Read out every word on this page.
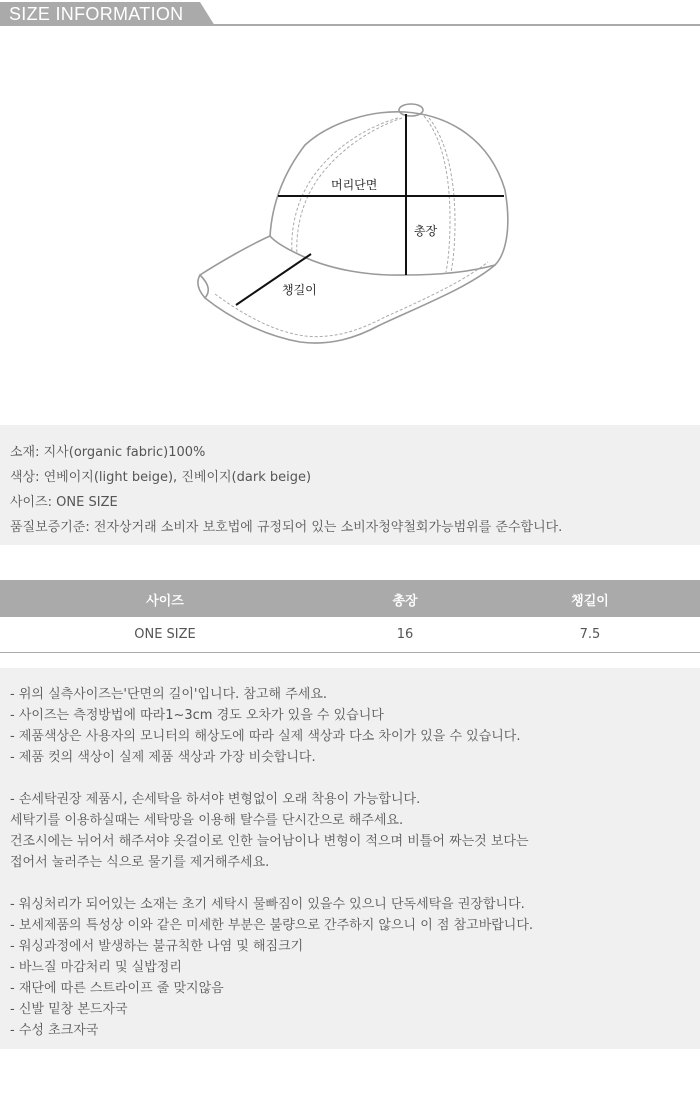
SIZE INFORMATION
머리단면
총장
챙길이
소재: 지사(organic fabric)100%
색상: 연베이지(light beige), 진베이지(dark beige)
사이즈: ONE SIZE
품질보증기준: 전자상거래 소비자 보호법에 규정되어 있는 소비자청약철회가능범위를 준수합니다.
사이즈	총장	챙길이
ONE SIZE	16	7.5
- 위의 실측사이즈는'단면의 길이'입니다. 참고해 주세요.
- 사이즈는 측정방법에 따라1~3cm 경도 오차가 있을 수 있습니다
- 제품색상은 사용자의 모니터의 해상도에 따라 실제 색상과 다소 차이가 있을 수 있습니다.
- 제품 컷의 색상이 실제 제품 색상과 가장 비슷합니다.
- 손세탁권장 제품시, 손세탁을 하셔야 변형없이 오래 착용이 가능합니다.
세탁기를 이용하실때는 세탁망을 이용해 탈수를 단시간으로 해주세요.
건조시에는 뉘어서 해주셔야 옷걸이로 인한 늘어남이나 변형이 적으며 비틀어 짜는것 보다는
접어서 눌러주는 식으로 물기를 제거해주세요.
- 워싱처리가 되어있는 소재는 초기 세탁시 물빠짐이 있을수 있으니 단독세탁을 권장합니다.
- 보세제품의 특성상 이와 같은 미세한 부분은 불량으로 간주하지 않으니 이 점 참고바랍니다.
- 워싱과정에서 발생하는 불규칙한 나염 및 해짐크기
- 바느질 마감처리 및 실밥정리
- 재단에 따른 스트라이프 줄 맞지않음
- 신발 밑창 본드자국
- 수성 초크자국
